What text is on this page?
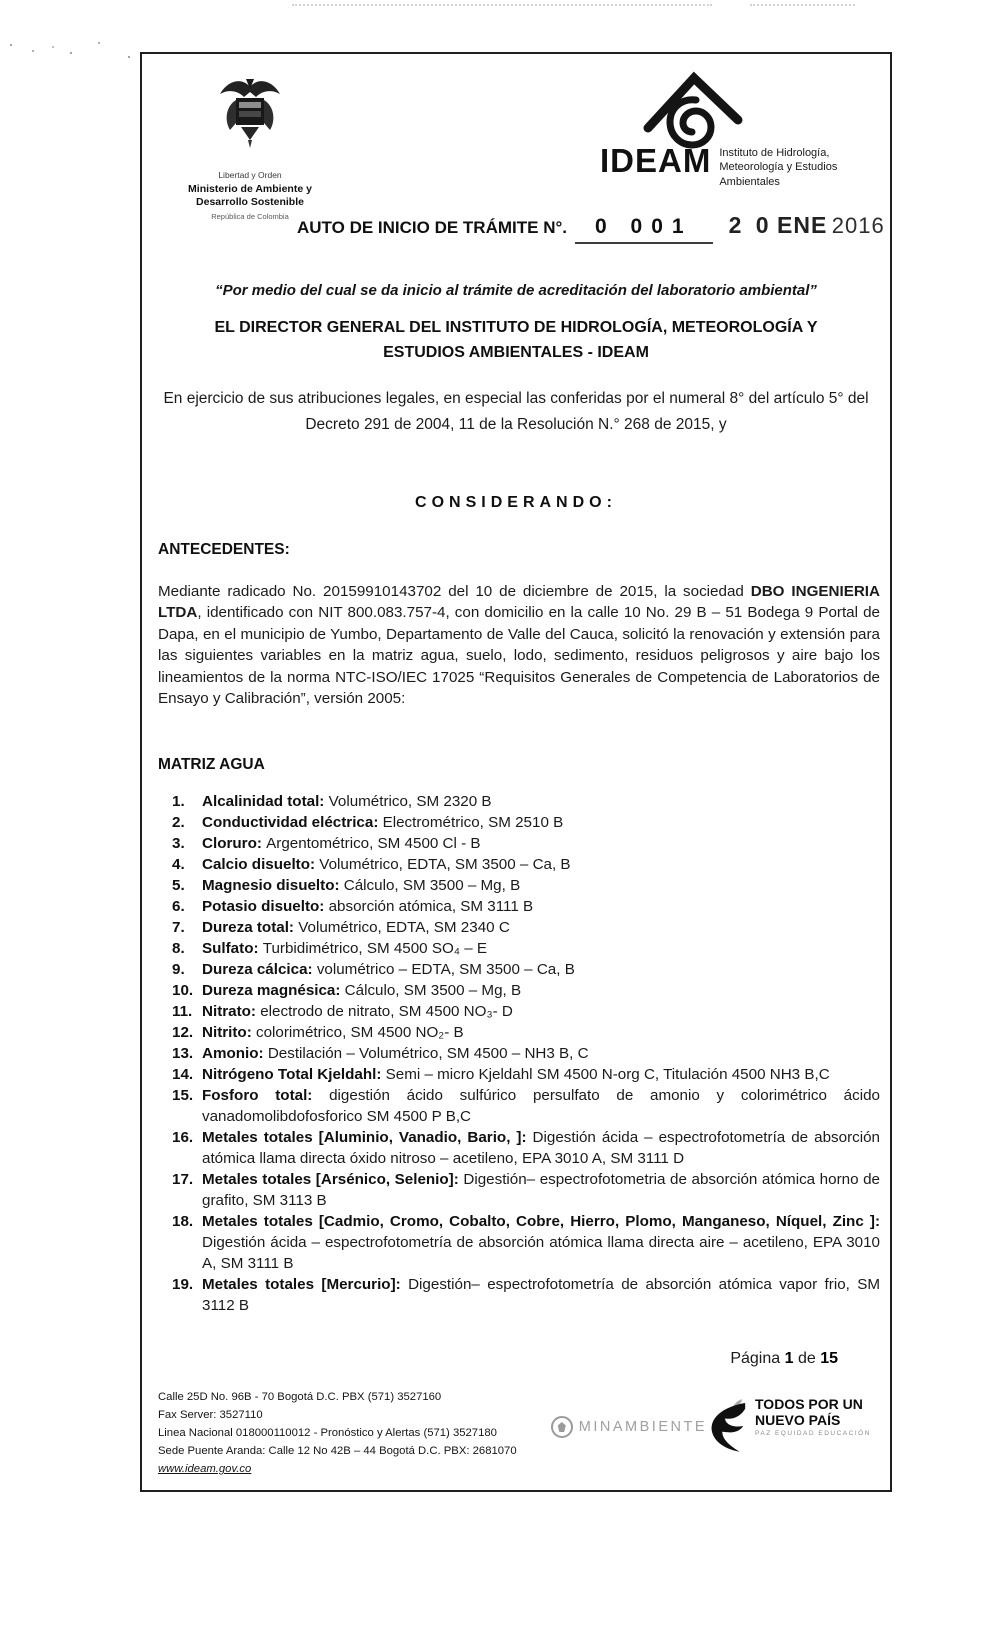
Libertad y Orden
Ministerio de Ambiente y Desarrollo Sostenible
República de Colombia
IDEAM Instituto de Hidrología, Meteorología y Estudios Ambientales
AUTO DE INICIO DE TRÁMITE N°. 0 001 2 0 ENE 2016
“Por medio del cual se da inicio al trámite de acreditación del laboratorio ambiental”
EL DIRECTOR GENERAL DEL INSTITUTO DE HIDROLOGÍA, METEOROLOGÍA Y ESTUDIOS AMBIENTALES - IDEAM
En ejercicio de sus atribuciones legales, en especial las conferidas por el numeral 8° del artículo 5° del
Decreto 291 de 2004, 11 de la Resolución N.° 268 de 2015, y
CONSIDERANDO:
ANTECEDENTES:

Mediante radicado No. 20159910143702 del 10 de diciembre de 2015, la sociedad DBO INGENIERIA LTDA, identificado con NIT 800.083.757-4, con domicilio en la calle 10 No. 29 B – 51 Bodega 9 Portal de Dapa, en el municipio de Yumbo, Departamento de Valle del Cauca, solicitó la renovación y extensión para las siguientes variables en la matriz agua, suelo, lodo, sedimento, residuos peligrosos y aire bajo los lineamientos de la norma NTC-ISO/IEC 17025 “Requisitos Generales de Competencia de Laboratorios de Ensayo y Calibración”, versión 2005:

MATRIZ AGUA
1. Alcalinidad total: Volumétrico, SM 2320 B
2. Conductividad eléctrica: Electrométrico, SM 2510 B
3. Cloruro: Argentométrico, SM 4500 Cl - B
4. Calcio disuelto: Volumétrico, EDTA, SM 3500 – Ca, B
5. Magnesio disuelto: Cálculo, SM 3500 – Mg, B
6. Potasio disuelto: absorción atómica, SM 3111 B
7. Dureza total: Volumétrico, EDTA, SM 2340 C
8. Sulfato: Turbidimétrico, SM 4500 SO₄ – E
9. Dureza cálcica: volumétrico – EDTA, SM 3500 – Ca, B
10. Dureza magnésica: Cálculo, SM 3500 – Mg, B
11. Nitrato: electrodo de nitrato, SM 4500 NO₃- D
12. Nitrito: colorimétrico, SM 4500 NO₂- B
13. Amonio: Destilación – Volumétrico, SM 4500 – NH3 B, C
14. Nitrógeno Total Kjeldahl: Semi – micro Kjeldahl SM 4500 N-org C, Titulación 4500 NH3 B,C
15. Fosforo total: digestión ácido sulfúrico persulfato de amonio y colorimétrico ácido vanadomolibdofosforico SM 4500 P B,C
16. Metales totales [Aluminio, Vanadio, Bario, ]: Digestión ácida – espectrofotometría de absorción atómica llama directa óxido nitroso – acetileno, EPA 3010 A, SM 3111 D
17. Metales totales [Arsénico, Selenio]: Digestión– espectrofotometria de absorción atómica horno de grafito, SM 3113 B
18. Metales totales [Cadmio, Cromo, Cobalto, Cobre, Hierro, Plomo, Manganeso, Níquel, Zinc ]: Digestión ácida – espectrofotometría de absorción atómica llama directa aire – acetileno, EPA 3010 A, SM 3111 B
19. Metales totales [Mercurio]: Digestión– espectrofotometría de absorción atómica vapor frio, SM 3112 B
Página 1 de 15
Calle 25D No. 96B - 70 Bogotá D.C. PBX (571) 3527160
Fax Server: 3527110
Linea Nacional 018000110012 - Pronóstico y Alertas (571) 3527180
Sede Puente Aranda: Calle 12 No 42B – 44 Bogotá D.C. PBX: 2681070
www.ideam.gov.co
MINAMBIENTE
TODOS POR UN
NUEVO PAÍS
PAZ EQUIDAD EDUCACIÓN
